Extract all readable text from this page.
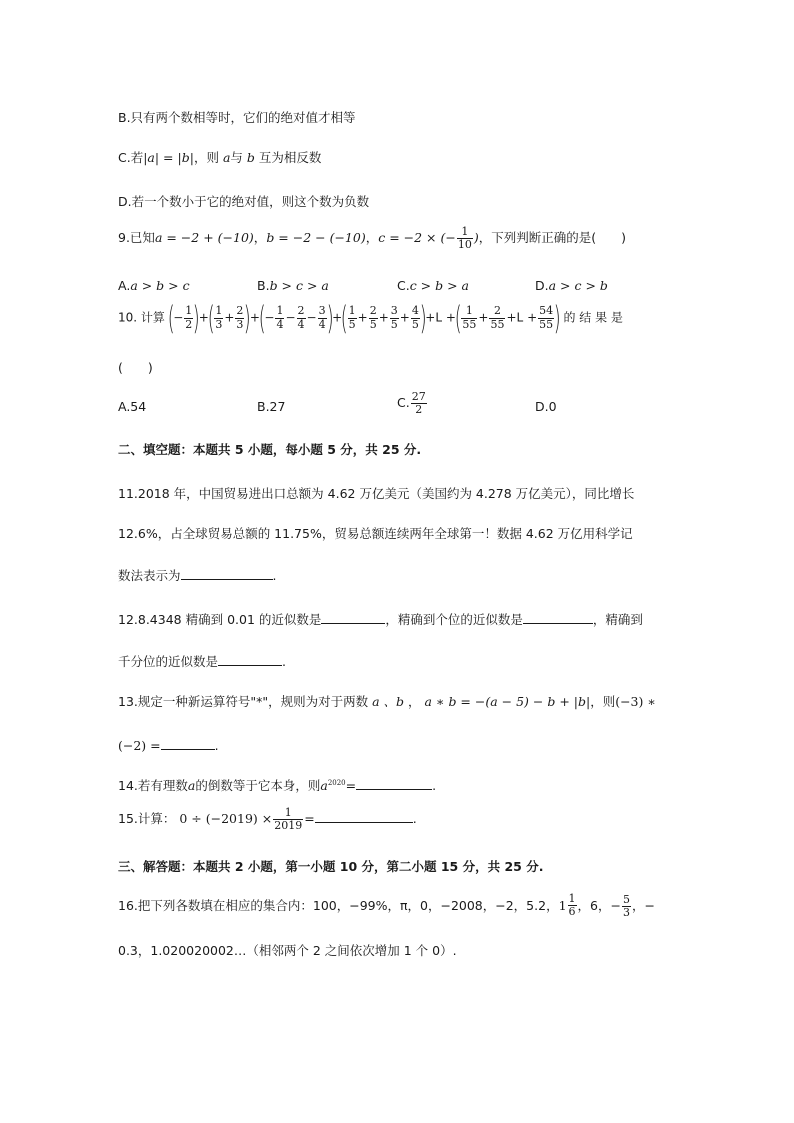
B.只有两个数相等时，它们的绝对值才相等
C.若|a| = |b|，则 a与 b 互为相反数
D.若一个数小于它的绝对值，则这个数为负数
9.已知a = −2 + (−10)，b = −2 − (−10)，c = −2 × (− $\frac{1}{10}$ )，下列判断正确的是(　　)
A.a > b > c	B.b > c > a	C.c > b > a	D.a > c > b
10. 计算 (− $\frac{1}{2}$ )+( $\frac{1}{3} + \frac{2}{3}$ )+(− $\frac{1}{4} - \frac{2}{4} - \frac{3}{4}$ )+( $\frac{1}{5} + \frac{2}{5} + \frac{3}{5} + \frac{4}{5} )+L$ +( $\frac{1}{55} + \frac{2}{55} +L + \frac{54}{55}$ ) 的 结 果 是
(　　)
A.54	B.27	C. $\frac{27}{2}$	D.0
二、填空题：本题共 5 小题，每小题 5 分，共 25 分.
11.2018 年，中国贸易进出口总额为 4.62 万亿美元（美国约为 4.278 万亿美元），同比增长
12.6%，占全球贸易总额的 11.75%，贸易总额连续两年全球第一！数据 4.62 万亿用科学记
数法表示为	.
12.8.4348 精确到 0.01 的近似数是	，精确到个位的近似数是	，精确到
千分位的近似数是	.
13.规定一种新运算符号"*"，规则为对于两数 a 、b ， a ∗ b = −(a − 5) − b + |b|，则(−3) ∗
(−2) =	.
14.若有理数a的倒数等于它本身，则$a^{2020}=$	.
15.计算： $0 \div (-2019) \times \frac{1}{2019}$ =	.
三、解答题：本题共 2 小题，第一小题 10 分，第二小题 15 分，共 25 分.
16.把下列各数填在相应的集合内：100，−99%，π，0，−2008，−2，5.2， $1 \frac{1}{6}$ ，6，− $\frac{5}{3}$ ，−
0.3，1.020020002…（相邻两个 2 之间依次增加 1 个 0）.
